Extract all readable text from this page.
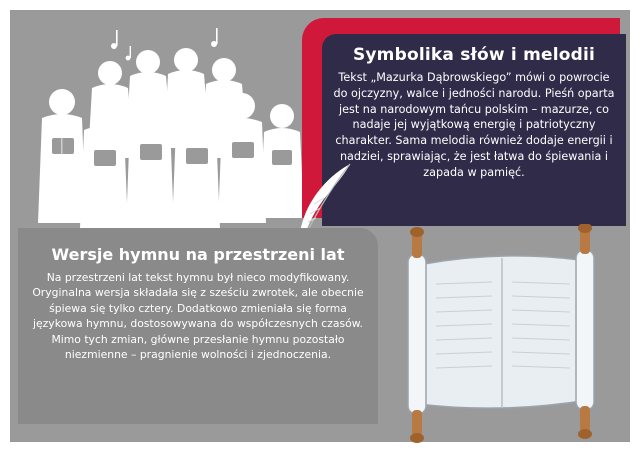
Symbolika słów i melodii

Tekst „Mazurka Dąbrowskiego” mówi o powrocie do ojczyzny, walce i jedności narodu. Pieśń oparta jest na narodowym tańcu polskim – mazurze, co nadaje jej wyjątkową energię i patriotyczny charakter. Sama melodia również dodaje energii i nadziei, sprawiając, że jest łatwa do śpiewania i zapada w pamięć.

Wersje hymnu na przestrzeni lat

Na przestrzeni lat tekst hymnu był nieco modyfikowany. Oryginalna wersja składała się z sześciu zwrotek, ale obecnie śpiewa się tylko cztery. Dodatkowo zmieniała się forma językowa hymnu, dostosowywana do współczesnych czasów. Mimo tych zmian, główne przesłanie hymnu pozostało niezmienne – pragnienie wolności i zjednoczenia.
